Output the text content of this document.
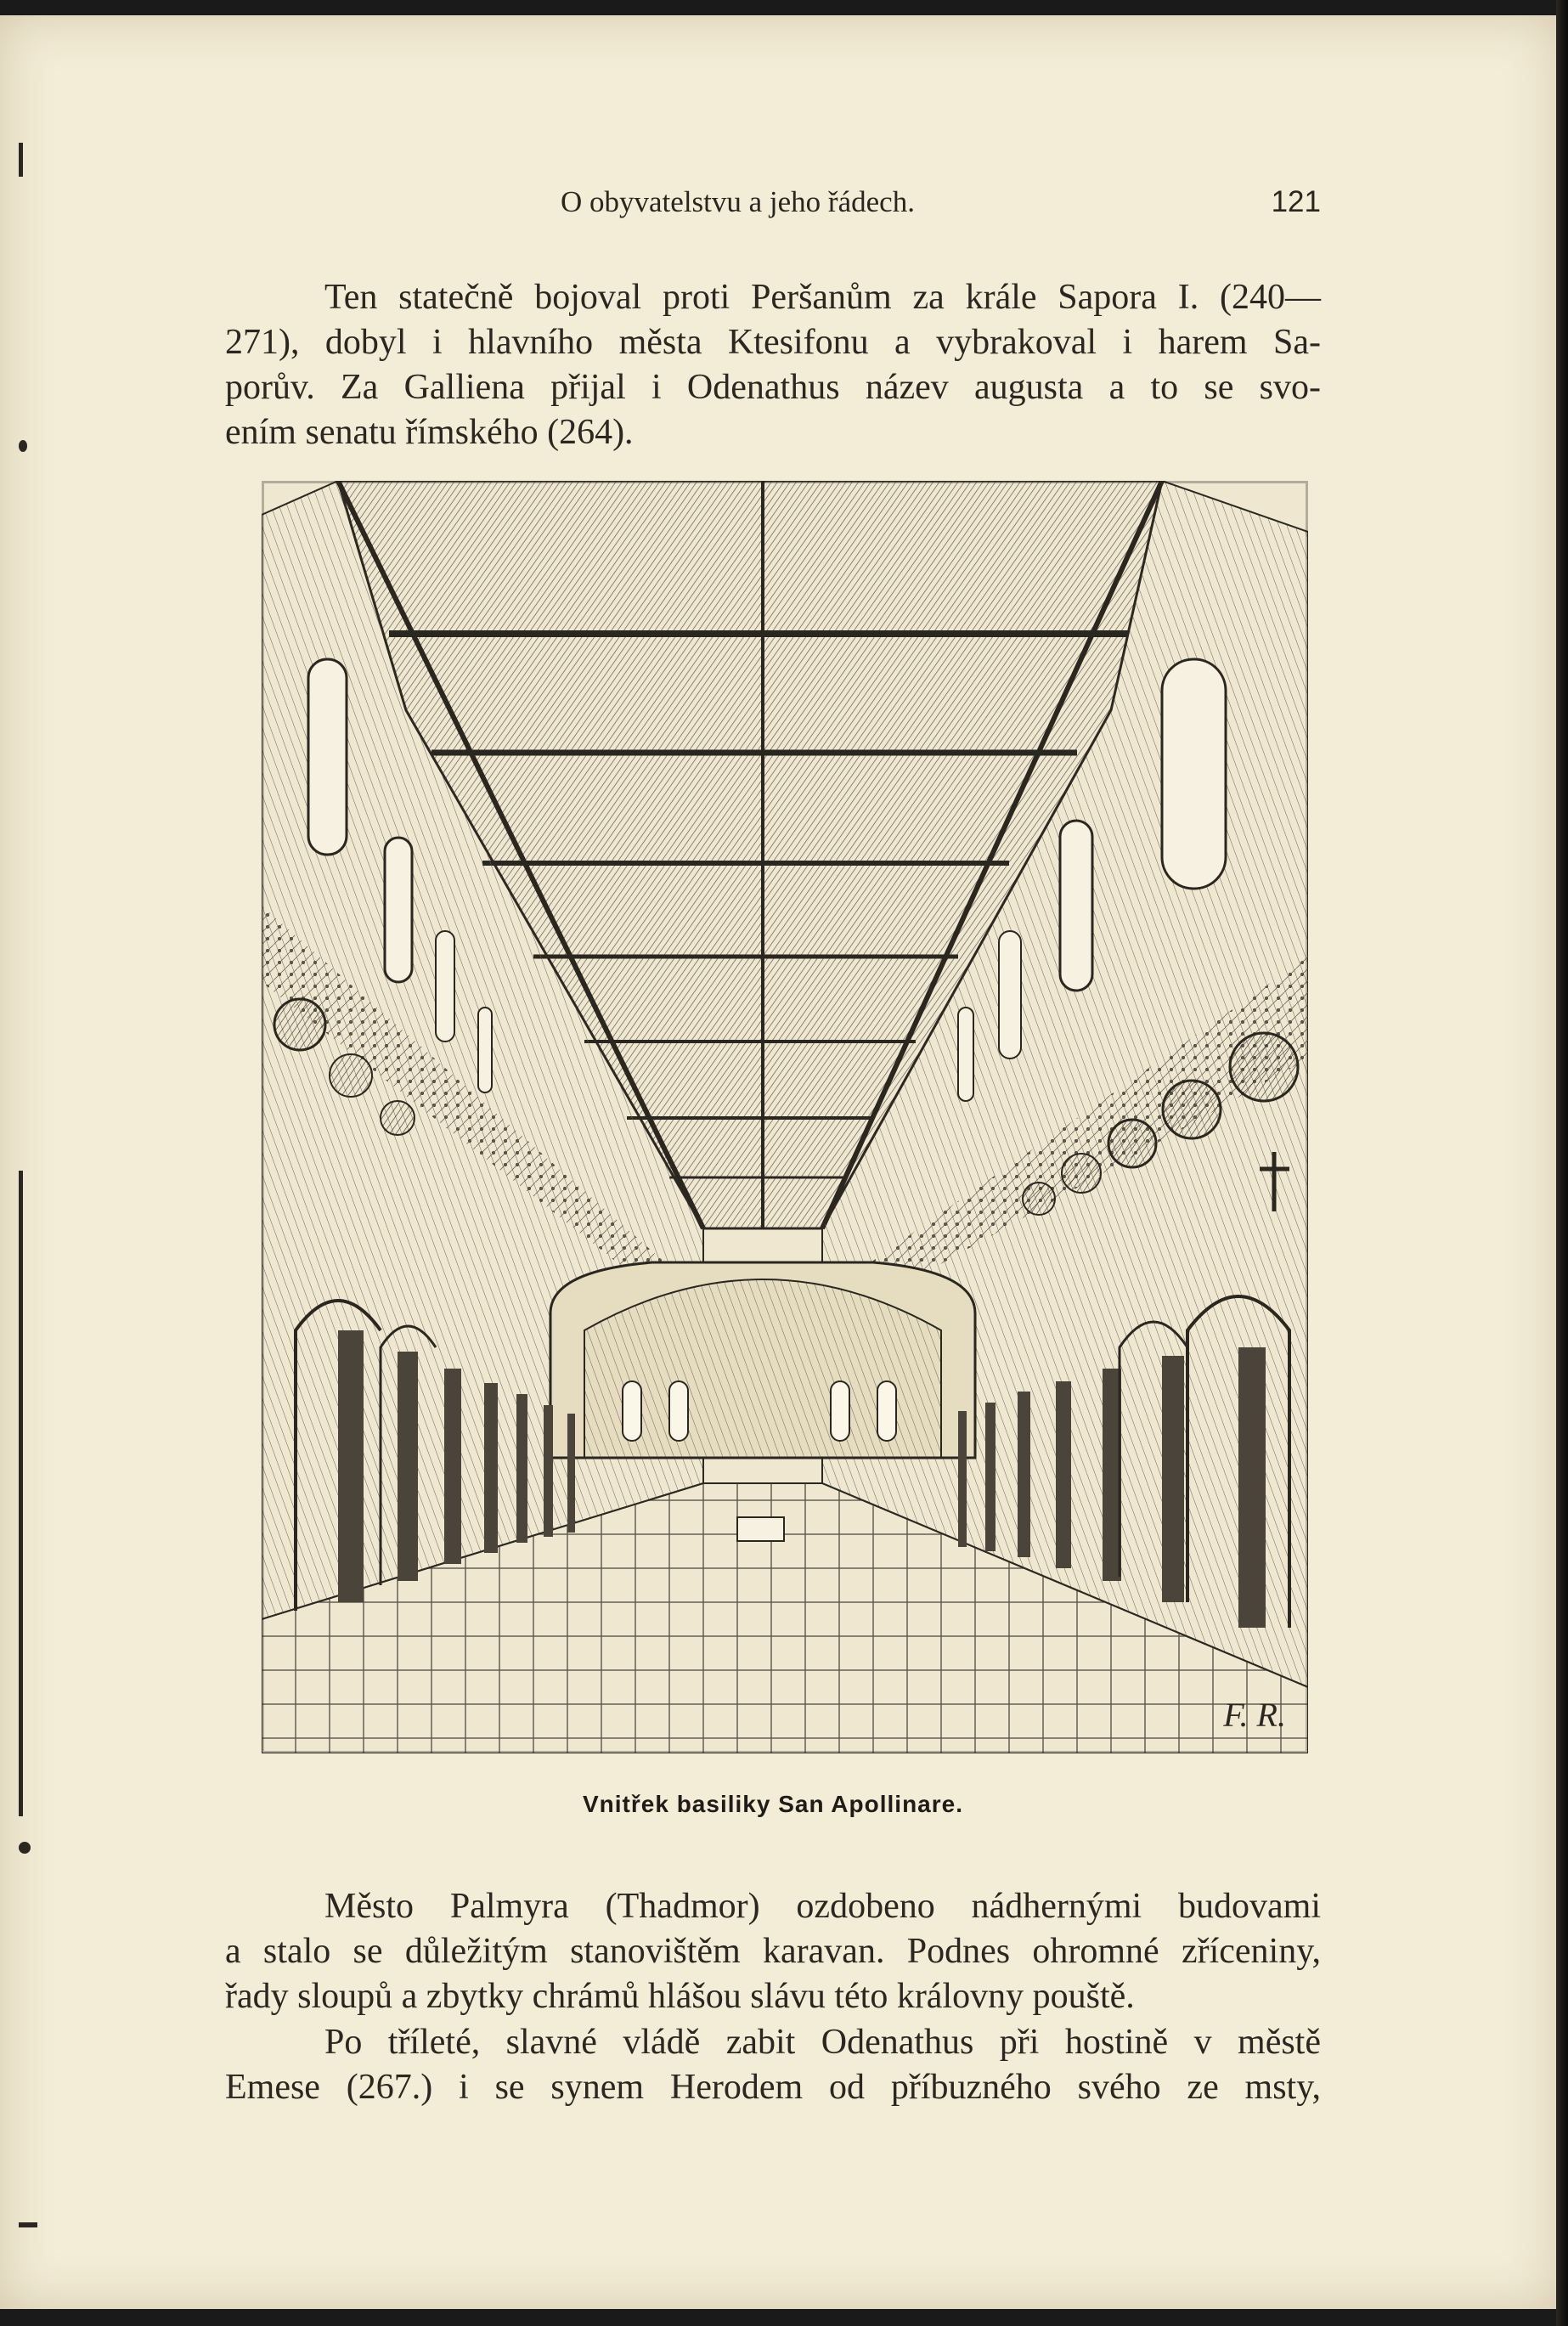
O obyvatelstvu a jeho řádech.	121

Ten statečně bojoval proti Peršanům za krále Sapora I. (240—
271), dobyl i hlavního města Ktesifonu a vybrakoval i harem Sa-
porův. Za Galliena přijal i Odenathus název augusta a to se svo-
ením senatu římského (264).

F. R.
Vnitřek basiliky San Apollinare.

Město Palmyra (Thadmor) ozdobeno nádhernými budovami
a stalo se důležitým stanovištěm karavan. Podnes ohromné zříceniny,
řady sloupů a zbytky chrámů hlášou slávu této královny pouště.

Po tříleté, slavné vládě zabit Odenathus při hostině v městě
Emese (267.) i se synem Herodem od příbuzného svého ze msty,
